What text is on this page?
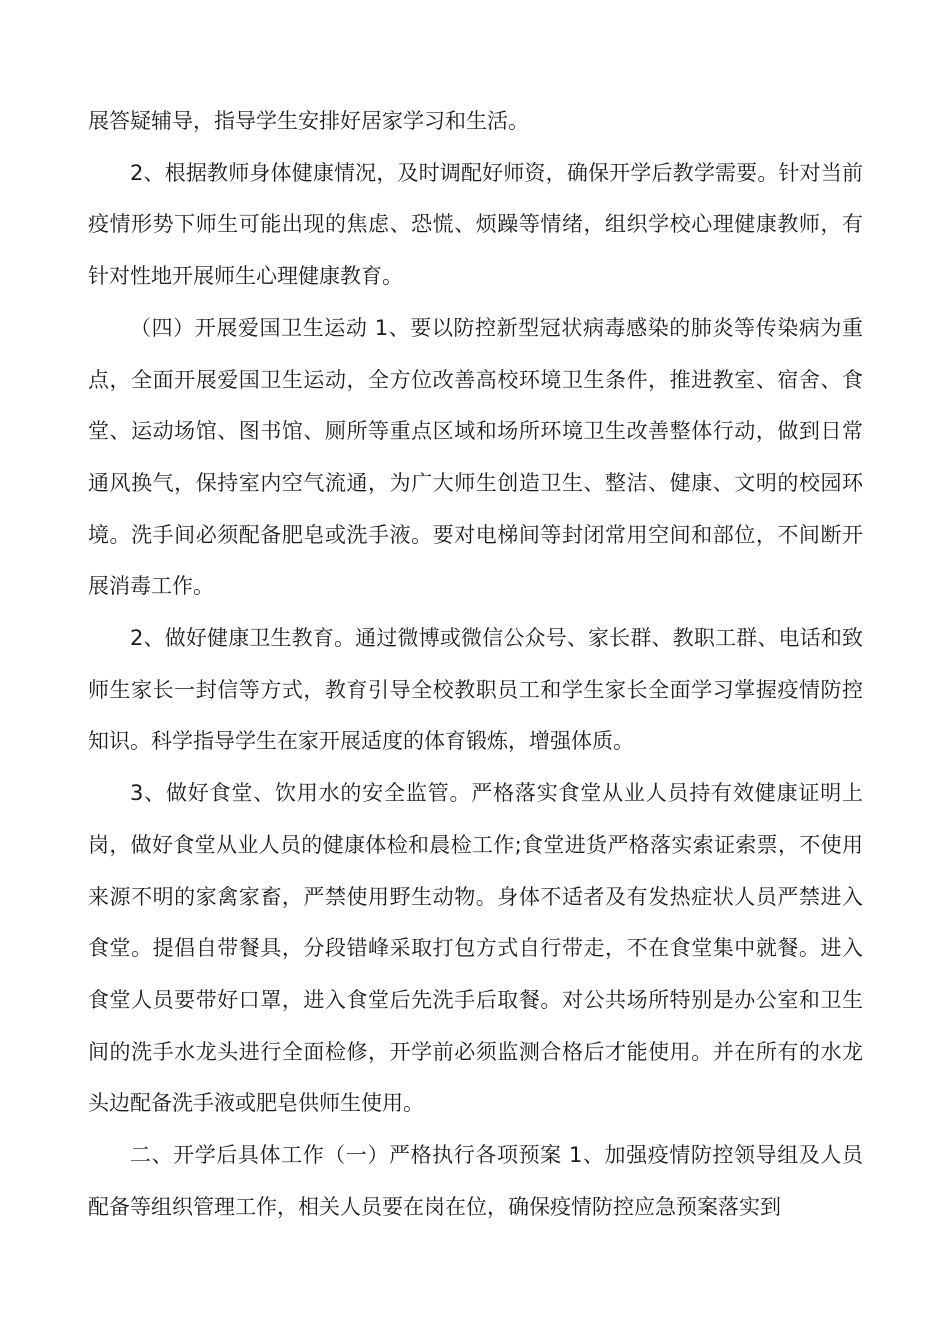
展答疑辅导，指导学生安排好居家学习和生活。

2、根据教师身体健康情况，及时调配好师资，确保开学后教学需要。针对当前疫情形势下师生可能出现的焦虑、恐慌、烦躁等情绪，组织学校心理健康教师，有针对性地开展师生心理健康教育。

（四）开展爱国卫生运动 1、要以防控新型冠状病毒感染的肺炎等传染病为重点，全面开展爱国卫生运动，全方位改善高校环境卫生条件，推进教室、宿舍、食堂、运动场馆、图书馆、厕所等重点区域和场所环境卫生改善整体行动，做到日常通风换气，保持室内空气流通，为广大师生创造卫生、整洁、健康、文明的校园环境。洗手间必须配备肥皂或洗手液。要对电梯间等封闭常用空间和部位，不间断开展消毒工作。

2、做好健康卫生教育。通过微博或微信公众号、家长群、教职工群、电话和致师生家长一封信等方式，教育引导全校教职员工和学生家长全面学习掌握疫情防控知识。科学指导学生在家开展适度的体育锻炼，增强体质。

3、做好食堂、饮用水的安全监管。严格落实食堂从业人员持有效健康证明上岗，做好食堂从业人员的健康体检和晨检工作;食堂进货严格落实索证索票，不使用来源不明的家禽家畜，严禁使用野生动物。身体不适者及有发热症状人员严禁进入食堂。提倡自带餐具，分段错峰采取打包方式自行带走，不在食堂集中就餐。进入食堂人员要带好口罩，进入食堂后先洗手后取餐。对公共场所特别是办公室和卫生间的洗手水龙头进行全面检修，开学前必须监测合格后才能使用。并在所有的水龙头边配备洗手液或肥皂供师生使用。

二、开学后具体工作（一）严格执行各项预案 1、加强疫情防控领导组及人员配备等组织管理工作，相关人员要在岗在位，确保疫情防控应急预案落实到
